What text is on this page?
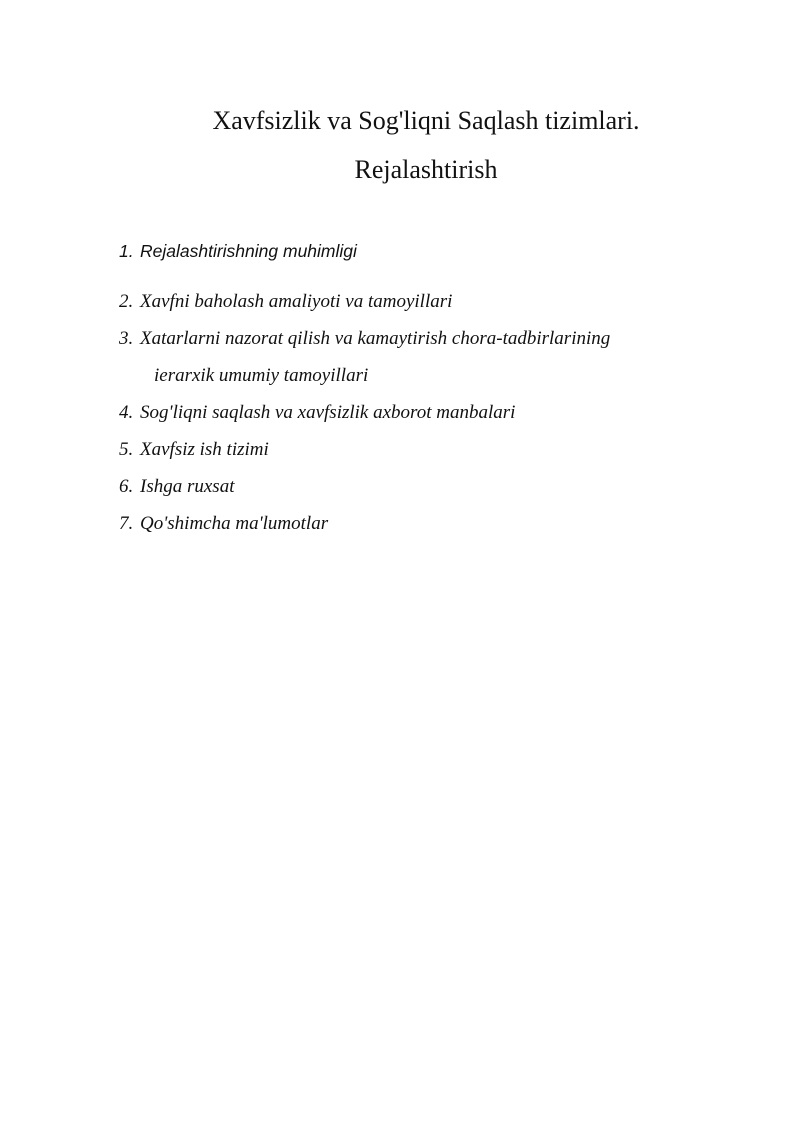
Xavfsizlik va Sog'liqni Saqlash tizimlari.
Rejalashtirish
1. Rejalashtirishning muhimligi
2. Xavfni baholash amaliyoti va tamoyillari
3. Xatarlarni nazorat qilish va kamaytirish chora-tadbirlarining
ierarxik umumiy tamoyillari
4. Sog'liqni saqlash va xavfsizlik axborot manbalari
5. Xavfsiz ish tizimi
6. Ishga ruxsat
7. Qo'shimcha ma'lumotlar
